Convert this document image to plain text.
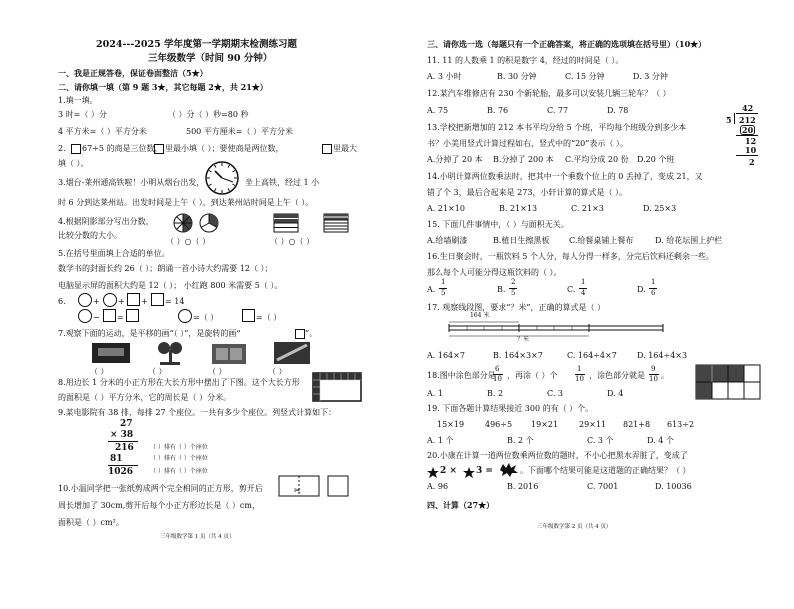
2024---2025 学年度第一学期期末检测练习题
三年级数学（时间 90 分钟）
一、我是正规答卷，保证卷面整洁（5★）
二、请你填一填（第 9 题 3★，其它每题 2★，共 21★）
1.填一填。
3 时=（ ）分	（ ）分（ ）秒=80 秒
4 平方米=（ ）平方分米	500 平方厘米=（ ）平方分米
2. 67÷5 的商是三位数， 里最小填（ ）；要使商是两位数，	里最大
填（ ）。
3.烟台-莱州通高铁啦！小明从烟台出发，	坐上高铁，经过 1 小
时 6 分到达莱州站。出发时间是上午（ ），到达莱州站时间是上午（ ）。
4.根据阴影部分写出分数，
比较分数的大小。
（ ）○（ ）	（ ）○（ ）
5.在括号里面填上合适的单位。
数学书的封面长约 26（ ）；朗诵一首小诗大约需要 12（ ）；
电脑显示屏的面积大约是 12（ ）； 小红跑 800 米需要 5（ ）。
6.	+ + + = 14
− =	=（ ）	=（ ）
7.观察下面的运动，是平移的画“（ ）”，是旋转的画“	”。
（ ）	（ ）	（ ）	（ ）
8.用边长 1 分米的小正方形在大长方形中摆出了下图。这个大长方形
的面积是（ ）平方分米，它的周长是（ ）分米。
9.某电影院有 38 排，每排 27 个座位。一共有多少个座位。列竖式计算如下：
27
× 38
216
81
1026
（ ）排有（ ）个座位
（ ）排有（ ）个座位
（ ）排有（ ）个座位
10.小温同学把一张纸剪成两个完全相同的正方形，剪开后
周长增加了 30cm,剪开后每个小正方形边长是（ ）cm，
面积是（ ）cm²。
✂
三年级数学第 1 页（共 4 页）
三、请你选一选（每题只有一个正确答案，将正确的选项填在括号里）（10★）
11. 11 的人数乘 1 的积是数字 4，经过的时间是（ ）。
A. 3 小时	B. 30 分钟	C. 15 分钟	D. 3 分钟
12.某汽车维修店有 230 个新轮胎，最多可以安装几辆三轮车？（ ）
A. 75	B. 76	C. 77	D. 78
13.学校把新增加的 212 本书平均分给 5 个班，平均每个班级分到多少本
书？小美用竖式计算过程如右，竖式中的“20”表示（ ）。
A.分掉了 20 本 B.分掉了 200 本 C.平均分成 20 份 D.20 个班
42
5 212
20
12
10
2
14.小明计算两位数乘法时，把其中一个乘数个位上的 0 丢掉了，变成 21，又
错了个 3，最后合起来是 273，小轩计算的算式是（ ）。
A. 21×10	B. 21×13	C. 21×3	D. 25×3
15. 下面几件事情中，（ ）与面积无关。
A.给墙刷漆	B.植日生擦黑板 C.给餐桌铺上餐布	D. 给花坛围上护栏
16.生日聚会时，一瓶饮料 5 个人分，每人分得一样多，分完后饮料还剩余一些。
那么每个人可能分得这瓶饮料的（ ）。
17. 观察线段图，要求“？米”，正确的算式是（ ）
164 米
？米
A. 164×7	B. 164×3×7	C. 164÷4×7	D. 164÷4×3
18.图中涂色部分是
6
10 ，再涂（ ）个
1
10 ，涂色部分就是
9
10 。
A. 1	B. 2	C. 3	D. 4
19. 下面各题计算结果接近 300 的有（ ）个。
15×19	496÷5 19×21	29×11 821+8 613÷2
A. 1 个	B. 2 个	C. 3 个	D. 4 个
20.小康在计算一道两位数乘两位数的题时，不小心把黑水弄脏了，变成了
2 × 3 =	。下面哪个结果可能是这道题的正确结果？（ ）
A. 96	B. 2016	C. 7001	D. 10036
四、计算（27★）
三年级数学第 2 页（共 4 页）
A.
1
5	B.
2
5	C.
1
4	D.
1
6
